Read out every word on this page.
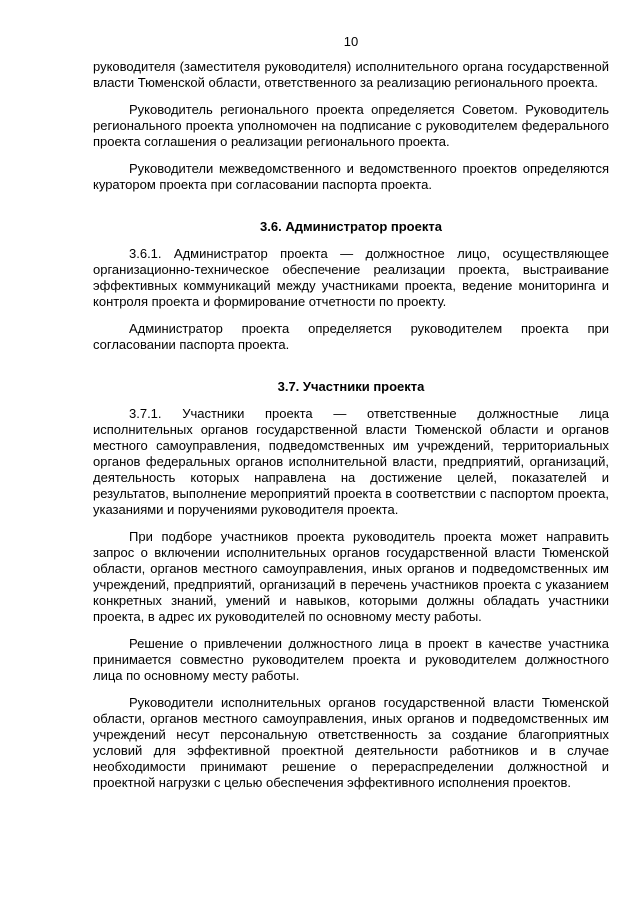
10

руководителя (заместителя руководителя) исполнительного органа государственной власти Тюменской области, ответственного за реализацию регионального проекта.

Руководитель регионального проекта определяется Советом. Руководитель регионального проекта уполномочен на подписание с руководителем федерального проекта соглашения о реализации регионального проекта.

Руководители межведомственного и ведомственного проектов определяются куратором проекта при согласовании паспорта проекта.

3.6. Администратор проекта

3.6.1. Администратор проекта — должностное лицо, осуществляющее организационно-техническое обеспечение реализации проекта, выстраивание эффективных коммуникаций между участниками проекта, ведение мониторинга и контроля проекта и формирование отчетности по проекту.

Администратор проекта определяется руководителем проекта при согласовании паспорта проекта.

3.7. Участники проекта

3.7.1. Участники проекта — ответственные должностные лица исполнительных органов государственной власти Тюменской области и органов местного самоуправления, подведомственных им учреждений, территориальных органов федеральных органов исполнительной власти, предприятий, организаций, деятельность которых направлена на достижение целей, показателей и результатов, выполнение мероприятий проекта в соответствии с паспортом проекта, указаниями и поручениями руководителя проекта.

При подборе участников проекта руководитель проекта может направить запрос о включении исполнительных органов государственной власти Тюменской области, органов местного самоуправления, иных органов и подведомственных им учреждений, предприятий, организаций в перечень участников проекта с указанием конкретных знаний, умений и навыков, которыми должны обладать участники проекта, в адрес их руководителей по основному месту работы.

Решение о привлечении должностного лица в проект в качестве участника принимается совместно руководителем проекта и руководителем должностного лица по основному месту работы.

Руководители исполнительных органов государственной власти Тюменской области, органов местного самоуправления, иных органов и подведомственных им учреждений несут персональную ответственность за создание благоприятных условий для эффективной проектной деятельности работников и в случае необходимости принимают решение о перераспределении должностной и проектной нагрузки с целью обеспечения эффективного исполнения проектов.
